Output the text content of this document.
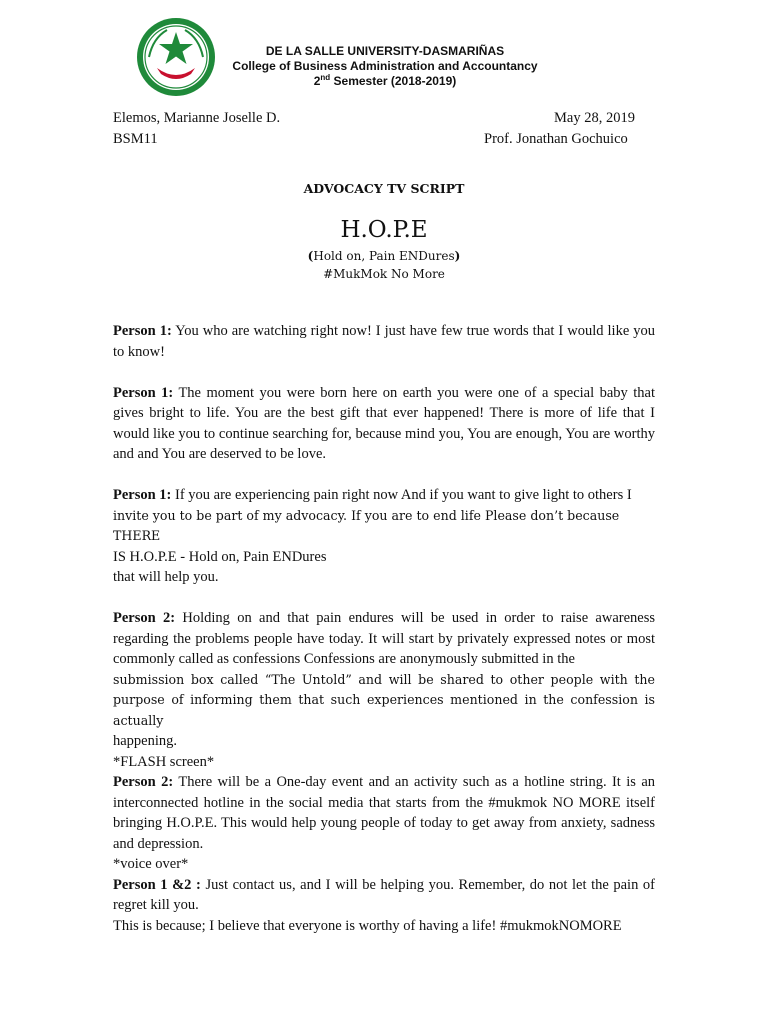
DE LA SALLE UNIVERSITY-DASMARIÑAS
College of Business Administration and Accountancy
2nd Semester (2018-2019)
Elemos, Marianne Joselle D.
BSM11
May 28, 2019
Prof. Jonathan Gochuico
ADVOCACY TV SCRIPT
H.O.P.E
(Hold on, Pain ENDures)
#MukMok No More

Person 1: You who are watching right now! I just have few true words that I would like you to know!

Person 1: The moment you were born here on earth you were one of a special baby that gives bright to life. You are the best gift that ever happened! There is more of life that I would like you to continue searching for, because mind you, You are enough, You are worthy and and You are deserved to be love.

Person 1: If you are experiencing pain right now And if you want to give light to others I

invite you to be part of my advocacy. If you are to end life Please don’t because THERE
IS H.O.P.E - Hold on, Pain ENDures
that will help you.

Person 2: Holding on and that pain endures will be used in order to raise awareness regarding the problems people have today. It will start by privately expressed notes or most commonly called as confessions Confessions are anonymously submitted in the

submission box called “The Untold” and will be shared to other people with the purpose of informing them that such experiences mentioned in the confession is actually

happening.
*FLASH screen*

Person 2: There will be a One-day event and an activity such as a hotline string. It is an interconnected hotline in the social media that starts from the #mukmok NO MORE itself bringing H.O.P.E. This would help young people of today to get away from anxiety, sadness and depression.

*voice over*

Person 1 &2 : Just contact us, and I will be helping you. Remember, do not let the pain of regret kill you.

This is because; I believe that everyone is worthy of having a life! #mukmokNOMORE
